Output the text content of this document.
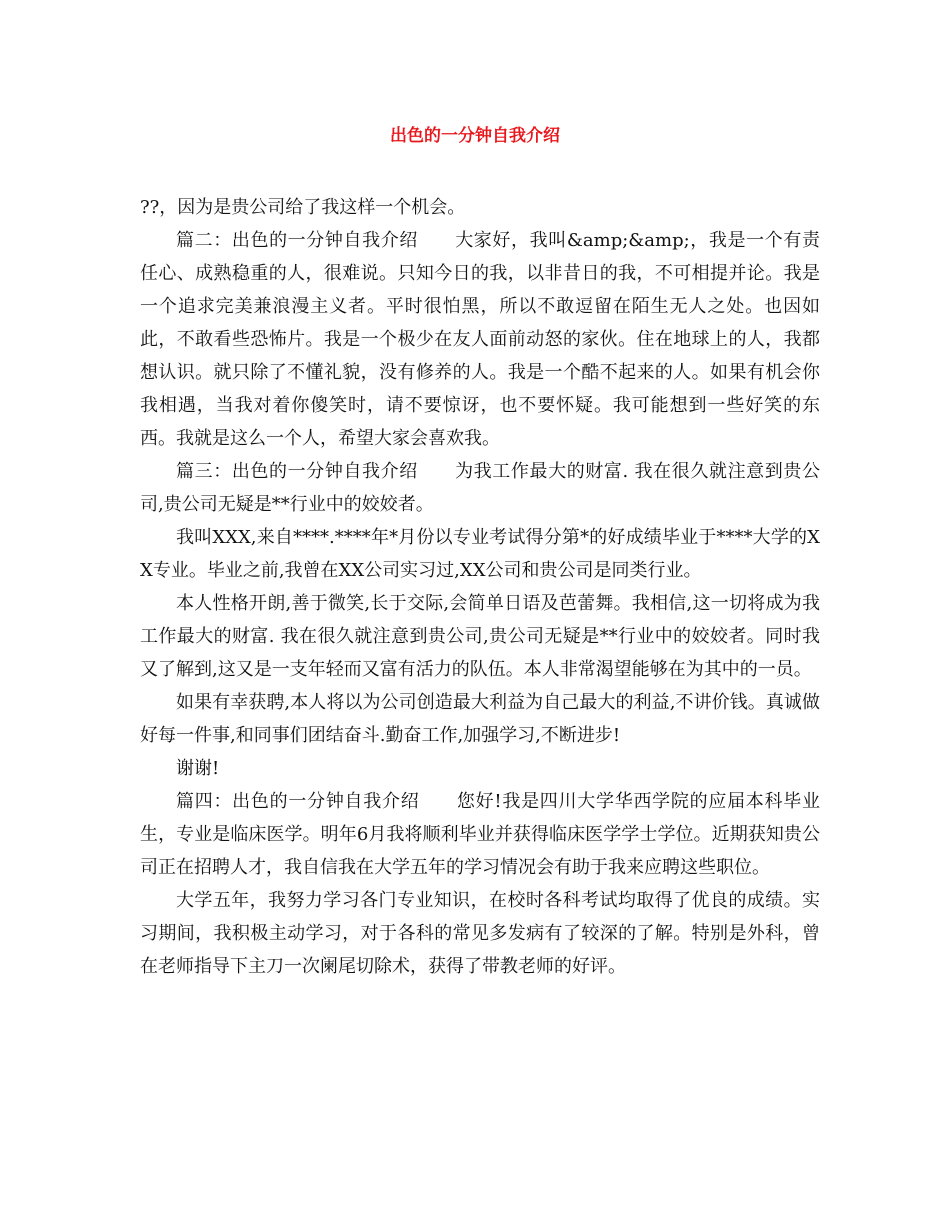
出色的一分钟自我介绍

??，因为是贵公司给了我这样一个机会。

篇二：出色的一分钟自我介绍　　大家好，我叫&amp;&amp;，我是一个有责任心、成熟稳重的人，很难说。只知今日的我，以非昔日的我，不可相提并论。我是一个追求完美兼浪漫主义者。平时很怕黑，所以不敢逗留在陌生无人之处。也因如此，不敢看些恐怖片。我是一个极少在友人面前动怒的家伙。住在地球上的人，我都想认识。就只除了不懂礼貌，没有修养的人。我是一个酷不起来的人。如果有机会你我相遇，当我对着你傻笑时，请不要惊讶，也不要怀疑。我可能想到一些好笑的东西。我就是这么一个人，希望大家会喜欢我。

篇三：出色的一分钟自我介绍　　为我工作最大的财富. 我在很久就注意到贵公司,贵公司无疑是**行业中的姣姣者。

我叫XXX,来自****.****年*月份以专业考试得分第*的好成绩毕业于****大学的XX专业。毕业之前,我曾在XX公司实习过,XX公司和贵公司是同类行业。

本人性格开朗,善于微笑,长于交际,会简单日语及芭蕾舞。我相信,这一切将成为我工作最大的财富. 我在很久就注意到贵公司,贵公司无疑是**行业中的姣姣者。同时我又了解到,这又是一支年轻而又富有活力的队伍。本人非常渴望能够在为其中的一员。

如果有幸获聘,本人将以为公司创造最大利益为自己最大的利益,不讲价钱。真诚做好每一件事,和同事们团结奋斗.勤奋工作,加强学习,不断进步!

谢谢!

篇四：出色的一分钟自我介绍　　您好!我是四川大学华西学院的应届本科毕业生，专业是临床医学。明年6月我将顺利毕业并获得临床医学学士学位。近期获知贵公司正在招聘人才，我自信我在大学五年的学习情况会有助于我来应聘这些职位。

大学五年，我努力学习各门专业知识，在校时各科考试均取得了优良的成绩。实习期间，我积极主动学习，对于各科的常见多发病有了较深的了解。特别是外科，曾在老师指导下主刀一次阑尾切除术，获得了带教老师的好评。
